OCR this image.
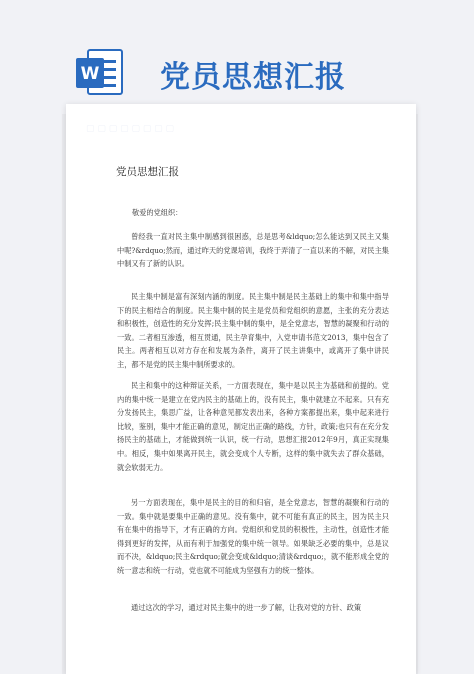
W 党员思想汇报
▢ ▢ ▢ ▢ ▢ ▢ ▢ ▢
党员思想汇报
敬爱的党组织：
曾经我一直对民主集中制感到很困惑，总是思考&ldquo;怎么能达到又民主又集中呢?&rdquo;然而，通过昨天的党课培训，我终于弄清了一直以来的不解，对民主集中制又有了新的认识。
民主集中制是富有深刻内涵的制度。民主集中制是民主基础上的集中和集中指导下的民主相结合的制度。民主集中制的民主是党员和党组织的意愿，主张的充分表达和积极性，创造性的充分发挥;民主集中制的集中，是全党意志，智慧的凝聚和行动的一致。二者相互渗透，相互贯通，民主孕育集中，入党申请书范文2013，集中包含了民主。两者相互以对方存在和发展为条件，离开了民主讲集中，或离开了集中讲民主，都不是党的民主集中制所要求的。
民主和集中的这种辩证关系，一方面表现在，集中是以民主为基础和前提的。党内的集中统一是建立在党内民主的基础上的，没有民主，集中就建立不起来。只有充分发扬民主，集思广益，让各种意见都发表出来，各种方案都提出来，集中起来进行比较，鉴别，集中才能正确的意见，制定出正确的路线，方针，政策;也只有在充分发扬民主的基础上，才能做到统一认识，统一行动，思想汇报2012年9月，真正实现集中。相反，集中如果离开民主，就会变成个人专断，这样的集中就失去了群众基础，就会软弱无力。
另一方面表现在，集中是民主的目的和归宿，是全党意志，智慧的凝聚和行动的一致。集中就是要集中正确的意见。没有集中，就不可能有真正的民主，因为民主只有在集中的指导下，才有正确的方向。党组织和党员的积极性，主动性，创造性才能得到更好的发挥，从而有利于加强党的集中统一领导。如果缺乏必要的集中，总是议而不决，&ldquo;民主&rdquo;就会变成&ldquo;清谈&rdquo;，就不能形成全党的统一意志和统一行动，党也就不可能成为坚强有力的统一整体。
通过这次的学习，通过对民主集中的进一步了解，让我对党的方针、政策
